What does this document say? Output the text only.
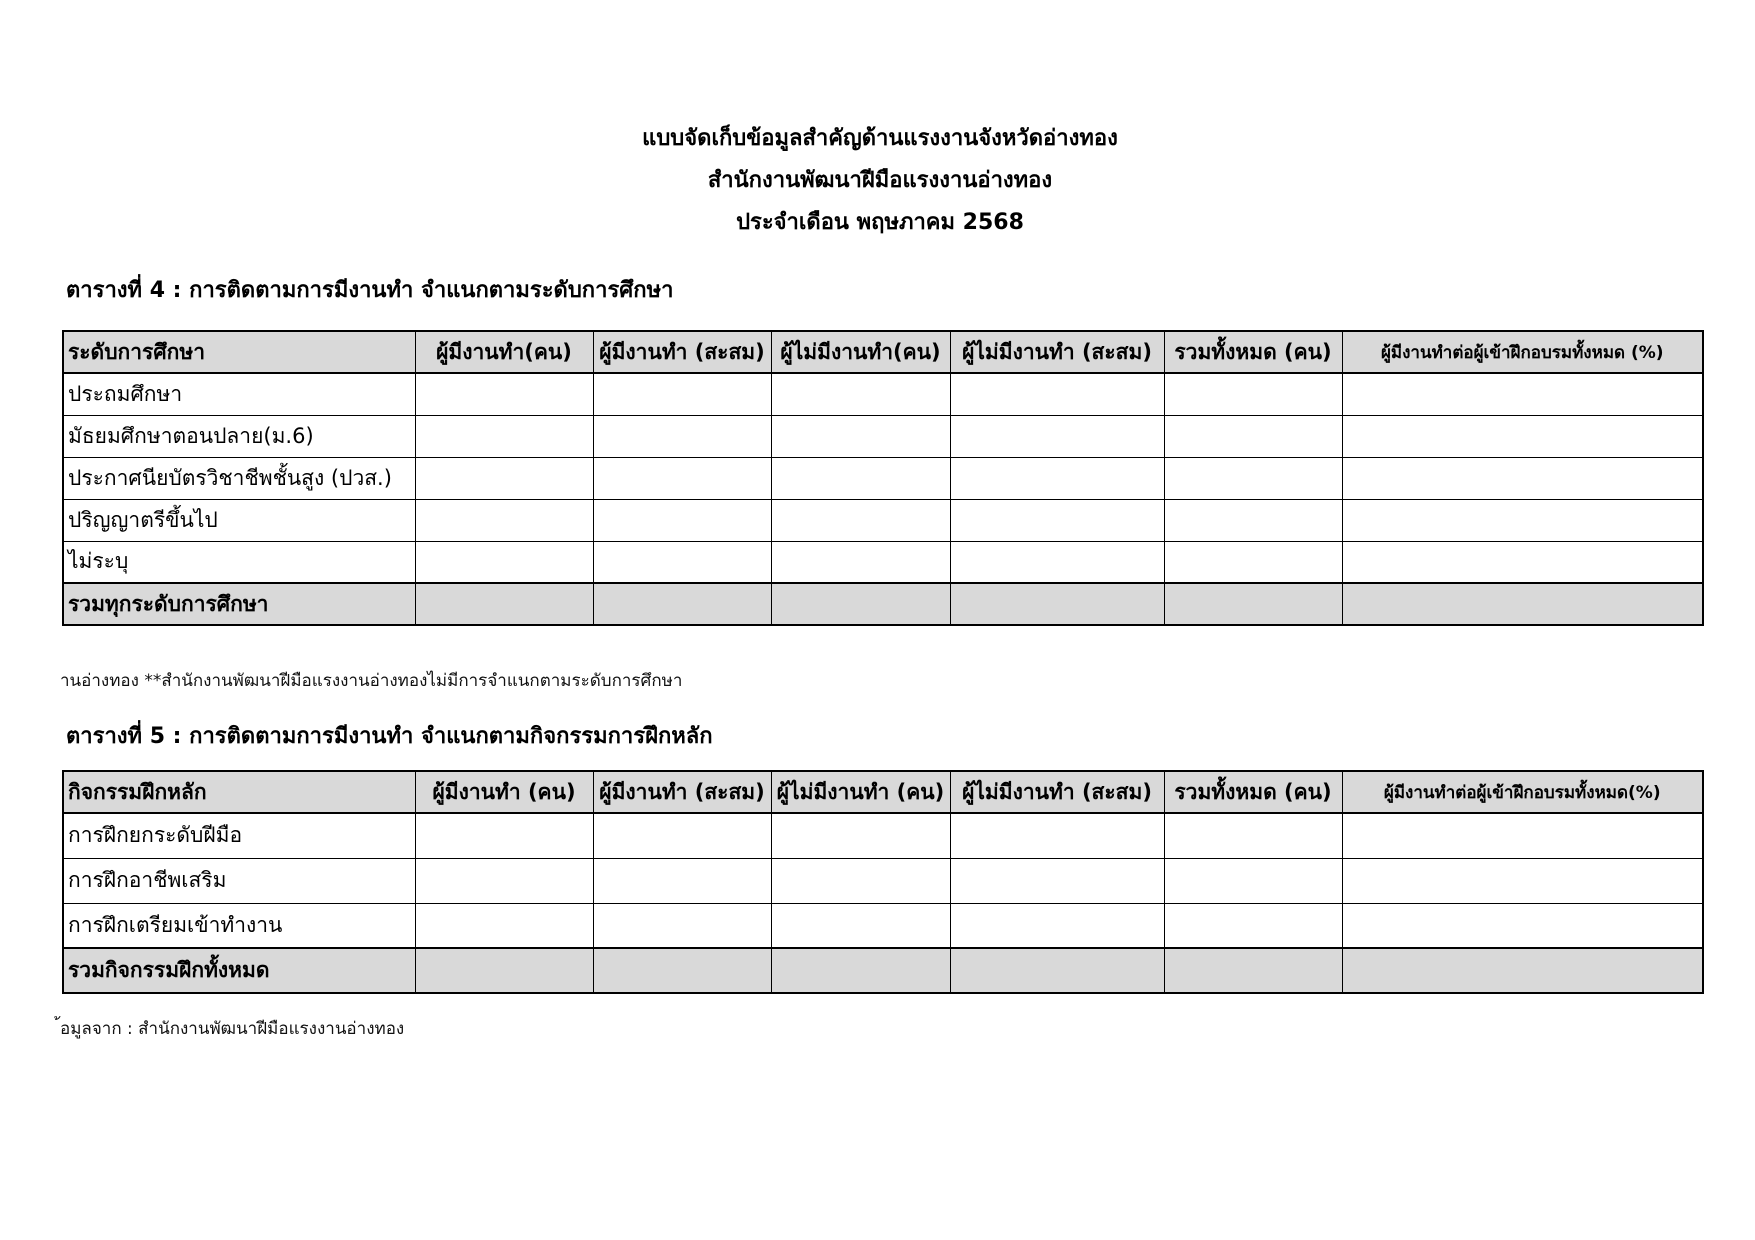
แบบจัดเก็บข้อมูลสำคัญด้านแรงงานจังหวัดอ่างทอง
สำนักงานพัฒนาฝีมือแรงงานอ่างทอง
ประจำเดือน พฤษภาคม 2568
ตารางที่ 4 : การติดตามการมีงานทำ จำแนกตามระดับการศึกษา
ระดับการศึกษา	ผู้มีงานทำ(คน)	ผู้มีงานทำ (สะสม)	ผู้ไม่มีงานทำ(คน)	ผู้ไม่มีงานทำ (สะสม)	รวมทั้งหมด (คน)	ผู้มีงานทำต่อผู้เข้าฝึกอบรมทั้งหมด (%)
ประถมศึกษา						
มัธยมศึกษาตอนปลาย(ม.6)						
ประกาศนียบัตรวิชาชีพชั้นสูง (ปวส.)						
ปริญญาตรีขึ้นไป						
ไม่ระบุ						
รวมทุกระดับการศึกษา						
านอ่างทอง **สำนักงานพัฒนาฝีมือแรงงานอ่างทองไม่มีการจำแนกตามระดับการศึกษา
ตารางที่ 5 : การติดตามการมีงานทำ จำแนกตามกิจกรรมการฝึกหลัก
กิจกรรมฝึกหลัก	ผู้มีงานทำ (คน)	ผู้มีงานทำ (สะสม)	ผู้ไม่มีงานทำ (คน)	ผู้ไม่มีงานทำ (สะสม)	รวมทั้งหมด (คน)	ผู้มีงานทำต่อผู้เข้าฝึกอบรมทั้งหมด(%)
การฝึกยกระดับฝีมือ						
การฝึกอาชีพเสริม						
การฝึกเตรียมเข้าทำงาน						
รวมกิจกรรมฝึกทั้งหมด						
้อมูลจาก : สำนักงานพัฒนาฝีมือแรงงานอ่างทอง
